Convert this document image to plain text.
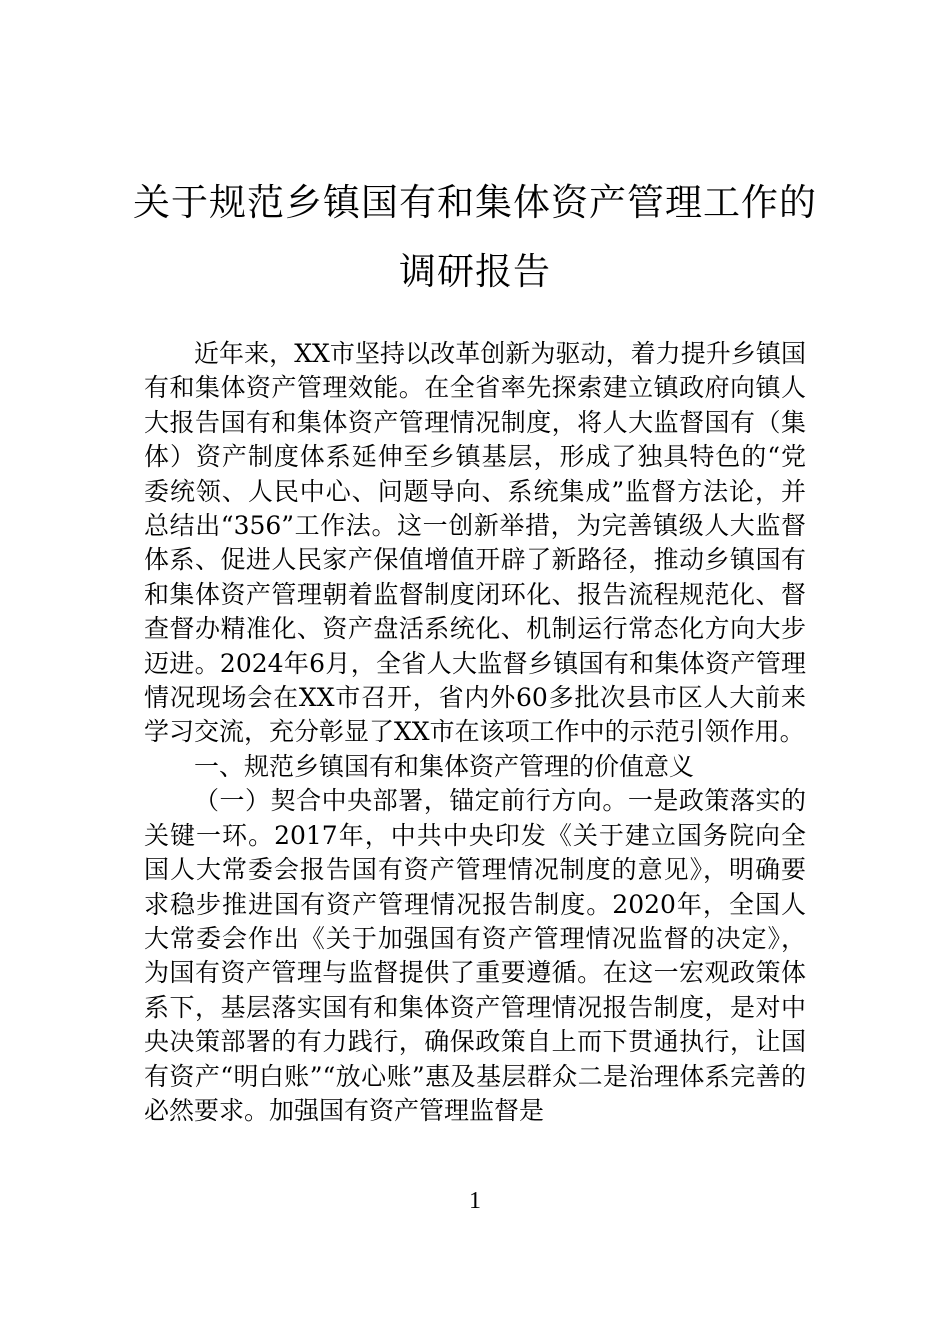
关于规范乡镇国有和集体资产管理工作的
调研报告

近年来，XX市坚持以改革创新为驱动，着力提升乡镇国有和集体资产管理效能。在全省率先探索建立镇政府向镇人大报告国有和集体资产管理情况制度，将人大监督国有（集体）资产制度体系延伸至乡镇基层，形成了独具特色的“党委统领、人民中心、问题导向、系统集成”监督方法论，并总结出“356”工作法。这一创新举措，为完善镇级人大监督体系、促进人民家产保值增值开辟了新路径，推动乡镇国有和集体资产管理朝着监督制度闭环化、报告流程规范化、督查督办精准化、资产盘活系统化、机制运行常态化方向大步迈进。2024年6月，全省人大监督乡镇国有和集体资产管理情况现场会在XX市召开，省内外60多批次县市区人大前来学习交流，充分彰显了XX市在该项工作中的示范引领作用。

一、规范乡镇国有和集体资产管理的价值意义

（一）契合中央部署，锚定前行方向。一是政策落实的关键一环。2017年，中共中央印发《关于建立国务院向全国人大常委会报告国有资产管理情况制度的意见》，明确要求稳步推进国有资产管理情况报告制度。2020年，全国人大常委会作出《关于加强国有资产管理情况监督的决定》，为国有资产管理与监督提供了重要遵循。在这一宏观政策体系下，基层落实国有和集体资产管理情况报告制度，是对中央决策部署的有力践行，确保政策自上而下贯通执行，让国有资产“明白账”“放心账”惠及基层群众二是治理体系完善的必然要求。加强国有资产管理监督是

1
